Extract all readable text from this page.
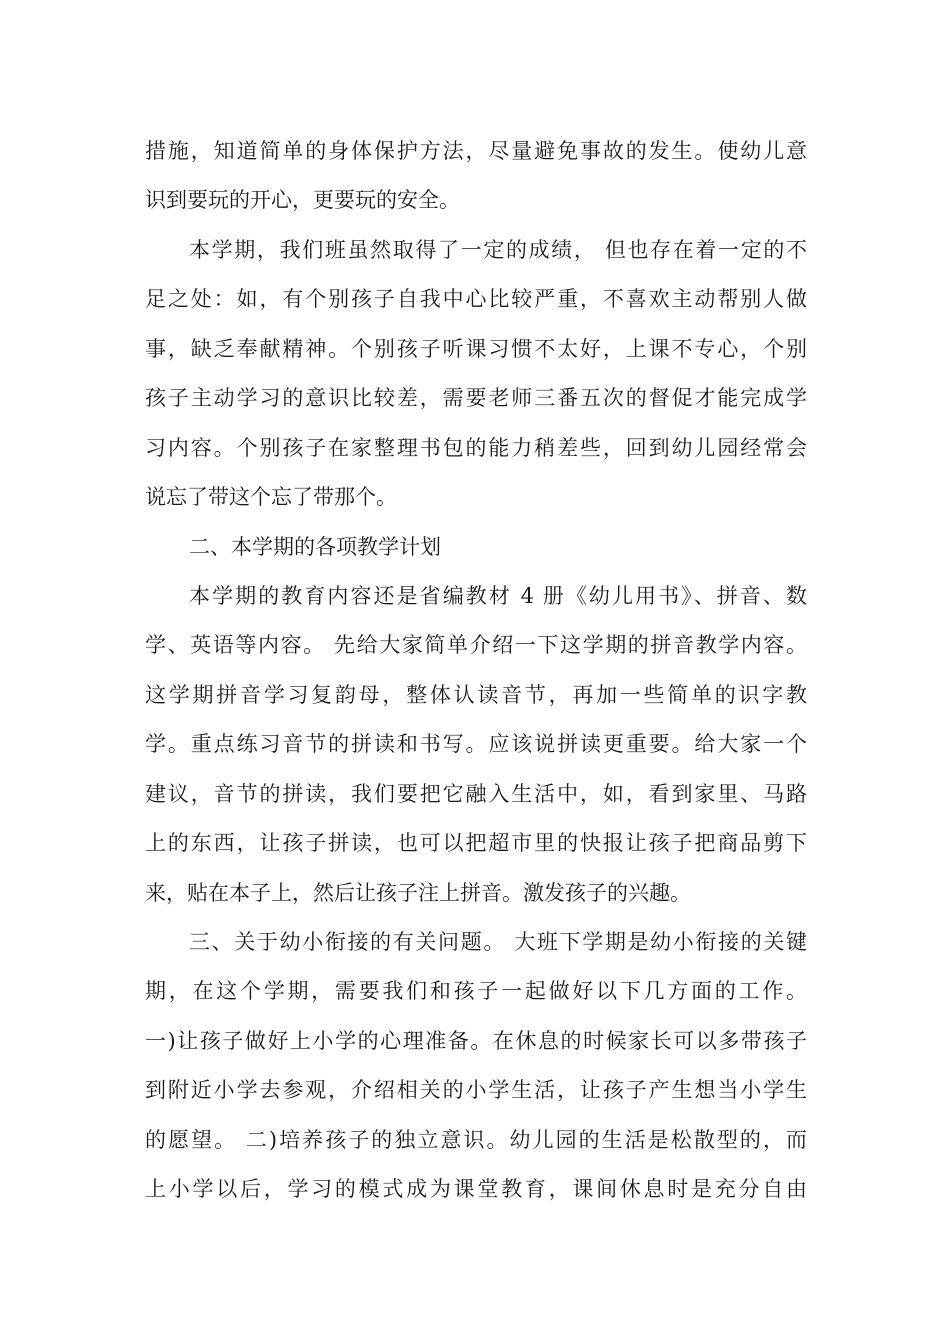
措施，知道简单的身体保护方法，尽量避免事故的发生。使幼儿意
识到要玩的开心，更要玩的安全。
本学期，我们班虽然取得了一定的成绩， 但也存在着一定的不
足之处：如，有个别孩子自我中心比较严重，不喜欢主动帮别人做
事，缺乏奉献精神。个别孩子听课习惯不太好，上课不专心，个别
孩子主动学习的意识比较差，需要老师三番五次的督促才能完成学
习内容。个别孩子在家整理书包的能力稍差些，回到幼儿园经常会
说忘了带这个忘了带那个。
二、本学期的各项教学计划
本学期的教育内容还是省编教材 4 册《幼儿用书》、拼音、数
学、英语等内容。 先给大家简单介绍一下这学期的拼音教学内容。
这学期拼音学习复韵母，整体认读音节，再加一些简单的识字教
学。重点练习音节的拼读和书写。应该说拼读更重要。给大家一个
建议，音节的拼读，我们要把它融入生活中，如，看到家里、马路
上的东西，让孩子拼读，也可以把超市里的快报让孩子把商品剪下
来，贴在本子上，然后让孩子注上拼音。激发孩子的兴趣。
三、关于幼小衔接的有关问题。 大班下学期是幼小衔接的关键
期，在这个学期，需要我们和孩子一起做好以下几方面的工作。
一)让孩子做好上小学的心理准备。在休息的时候家长可以多带孩子
到附近小学去参观，介绍相关的小学生活，让孩子产生想当小学生
的愿望。 二)培养孩子的独立意识。幼儿园的生活是松散型的，而
上小学以后，学习的模式成为课堂教育，课间休息时是充分自由
